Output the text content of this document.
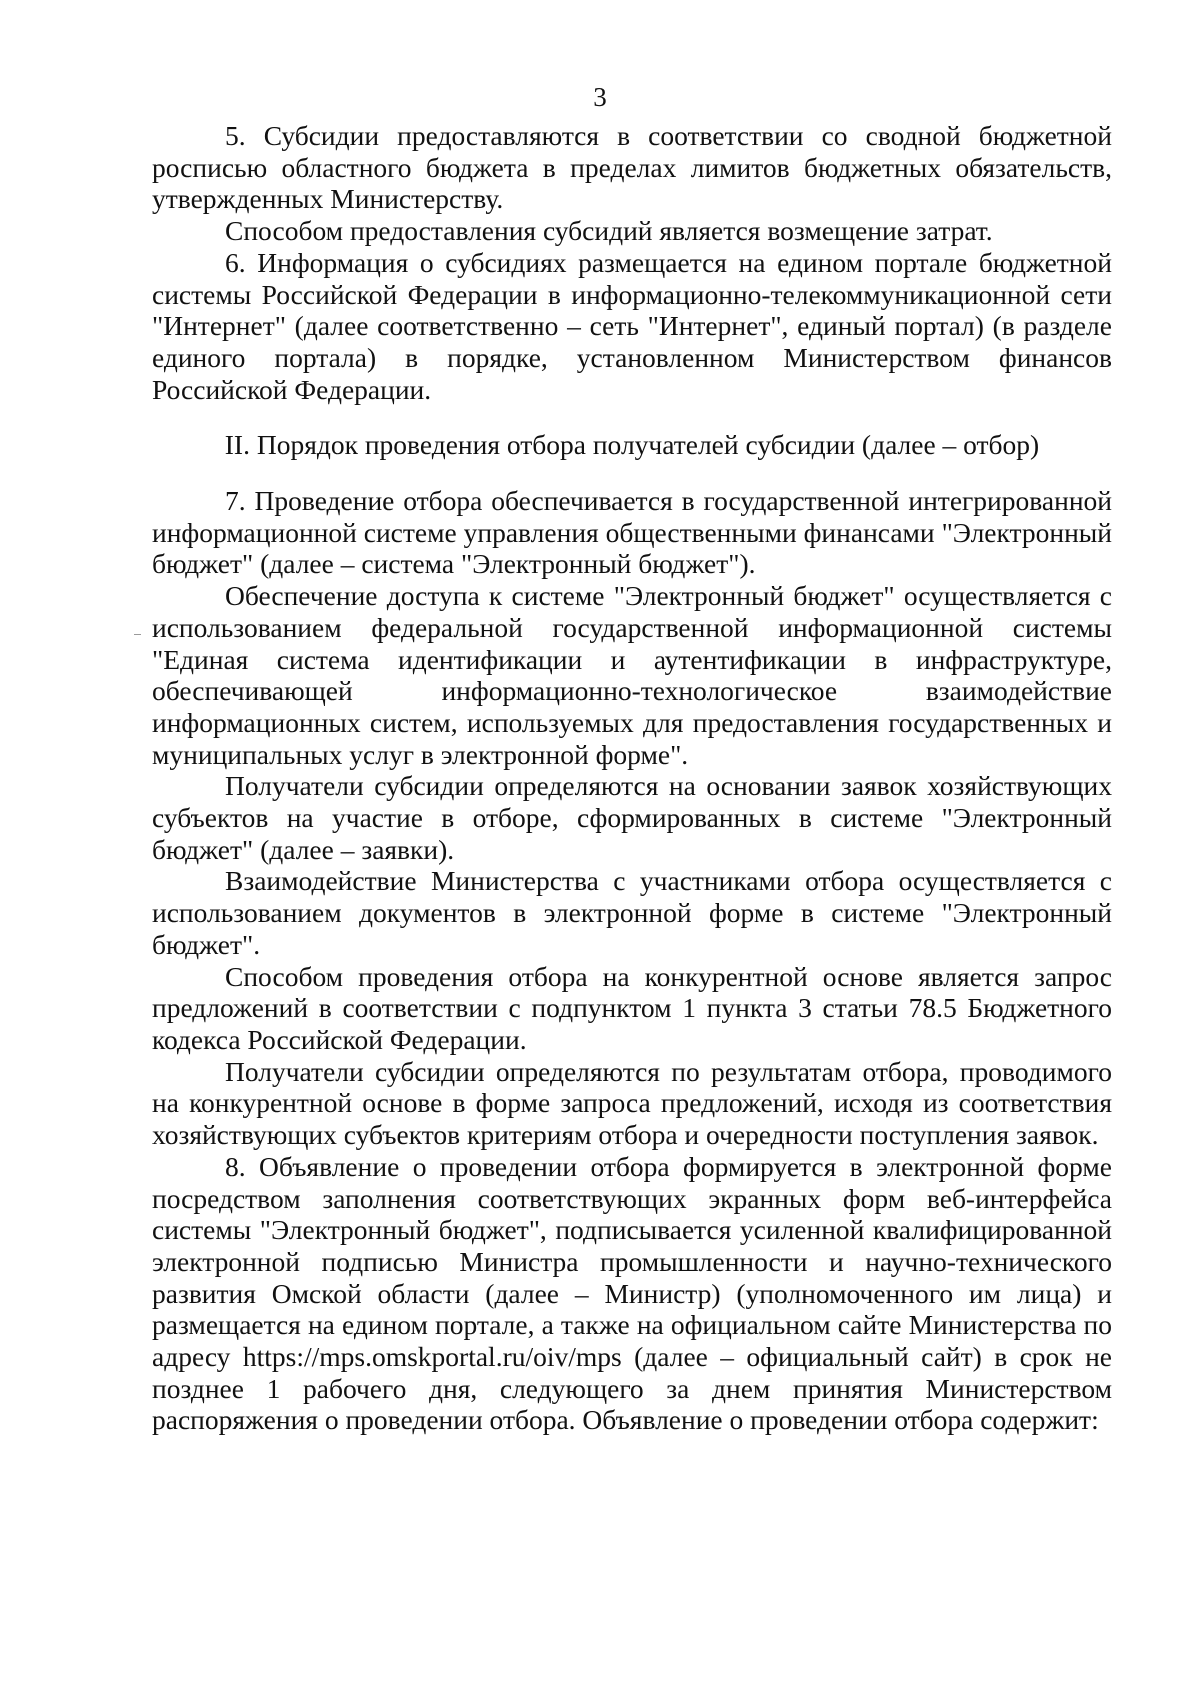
3

5. Субсидии предоставляются в соответствии со сводной бюджетной росписью областного бюджета в пределах лимитов бюджетных обязательств, утвержденных Министерству.

Способом предоставления субсидий является возмещение затрат.

6. Информация о субсидиях размещается на едином портале бюджетной системы Российской Федерации в информационно-телекоммуникационной сети "Интернет" (далее соответственно – сеть "Интернет", единый портал) (в разделе единого портала) в порядке, установленном Министерством финансов Российской Федерации.

II. Порядок проведения отбора получателей субсидии (далее – отбор)

7. Проведение отбора обеспечивается в государственной интегрированной информационной системе управления общественными финансами "Электронный бюджет" (далее – система "Электронный бюджет").

Обеспечение доступа к системе "Электронный бюджет" осуществляется с использованием федеральной государственной информационной системы "Единая система идентификации и аутентификации в инфраструктуре, обеспечивающей информационно-технологическое взаимодействие информационных систем, используемых для предоставления государственных и муниципальных услуг в электронной форме".

Получатели субсидии определяются на основании заявок хозяйствующих субъектов на участие в отборе, сформированных в системе "Электронный бюджет" (далее – заявки).

Взаимодействие Министерства с участниками отбора осуществляется с использованием документов в электронной форме в системе "Электронный бюджет".

Способом проведения отбора на конкурентной основе является запрос предложений в соответствии с подпунктом 1 пункта 3 статьи 78.5 Бюджетного кодекса Российской Федерации.

Получатели субсидии определяются по результатам отбора, проводимого на конкурентной основе в форме запроса предложений, исходя из соответствия хозяйствующих субъектов критериям отбора и очередности поступления заявок.

8. Объявление о проведении отбора формируется в электронной форме посредством заполнения соответствующих экранных форм веб-интерфейса системы "Электронный бюджет", подписывается усиленной квалифицированной электронной подписью Министра промышленности и научно-технического развития Омской области (далее – Министр) (уполномоченного им лица) и размещается на едином портале, а также на официальном сайте Министерства по адресу https://mps.omskportal.ru/oiv/mps (далее – официальный сайт) в срок не позднее 1 рабочего дня, следующего за днем принятия Министерством распоряжения о проведении отбора. Объявление о проведении отбора содержит:
